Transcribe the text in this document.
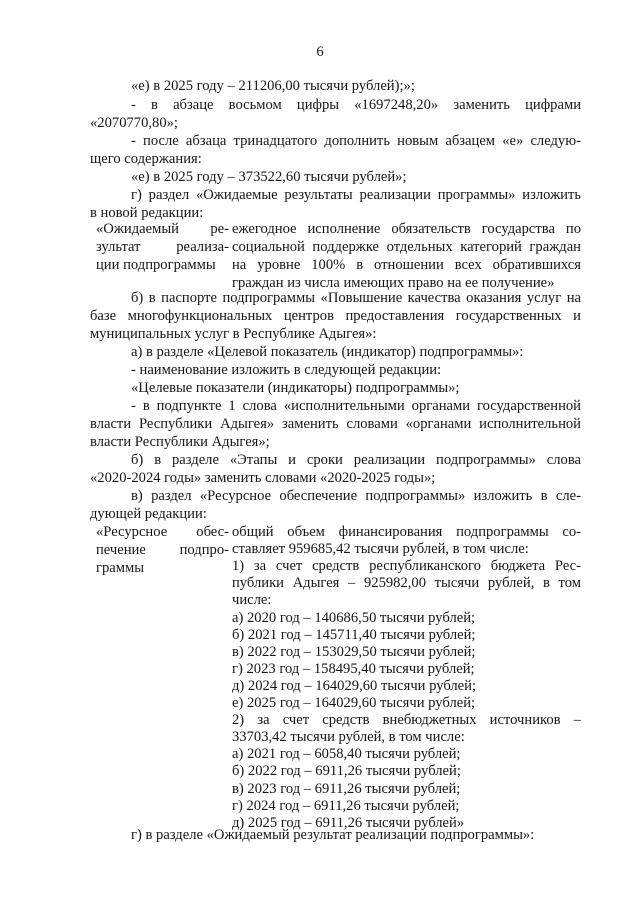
6
«е) в 2025 году – 211206,00 тысячи рублей);»;
- в абзаце восьмом цифры «1697248,20» заменить цифрами
«2070770,80»;
- после абзаца тринадцатого дополнить новым абзацем «е» следую-
щего содержания:
«е) в 2025 году – 373522,60 тысячи рублей»;
г) раздел «Ожидаемые результаты реализации программы» изложить
в новой редакции:
«Ожидаемый ре-
зультат реализа-
ции подпрограммы
ежегодное исполнение обязательств государства по
социальной поддержке отдельных категорий граждан
на уровне 100% в отношении всех обратившихся
граждан из числа имеющих право на ее получение»
б) в паспорте подпрограммы «Повышение качества оказания услуг на
базе многофункциональных центров предоставления государственных и
муниципальных услуг в Республике Адыгея»:
а) в разделе «Целевой показатель (индикатор) подпрограммы»:
- наименование изложить в следующей редакции:
«Целевые показатели (индикаторы) подпрограммы»;
- в подпункте 1 слова «исполнительными органами государственной
власти Республики Адыгея» заменить словами «органами исполнительной
власти Республики Адыгея»;
б) в разделе «Этапы и сроки реализации подпрограммы» слова
«2020-2024 годы» заменить словами «2020-2025 годы»;
в) раздел «Ресурсное обеспечение подпрограммы» изложить в сле-
дующей редакции:
«Ресурсное обес-
печение подпро-
граммы
общий объем финансирования подпрограммы со-
ставляет 959685,42 тысячи рублей, в том числе:
1) за счет средств республиканского бюджета Рес-
публики Адыгея – 925982,00 тысячи рублей, в том
числе:
а) 2020 год – 140686,50 тысячи рублей;
б) 2021 год – 145711,40 тысячи рублей;
в) 2022 год – 153029,50 тысячи рублей;
г) 2023 год – 158495,40 тысячи рублей;
д) 2024 год – 164029,60 тысячи рублей;
е) 2025 год – 164029,60 тысячи рублей;
2) за счет средств внебюджетных источников –
33703,42 тысячи рублей, в том числе:
а) 2021 год – 6058,40 тысячи рублей;
б) 2022 год – 6911,26 тысячи рублей;
в) 2023 год – 6911,26 тысячи рублей;
г) 2024 год – 6911,26 тысячи рублей;
д) 2025 год – 6911,26 тысячи рублей»
г) в разделе «Ожидаемый результат реализации подпрограммы»:
